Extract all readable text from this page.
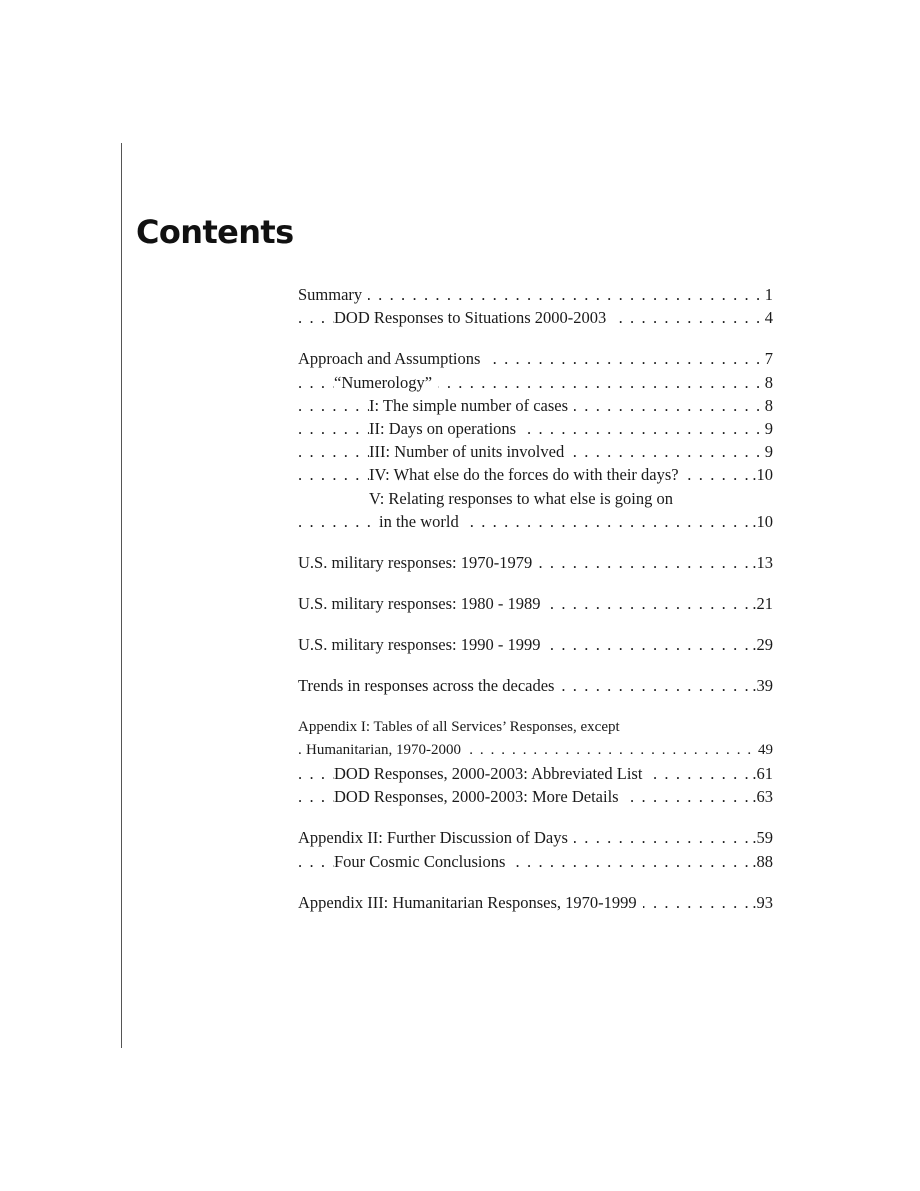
Contents
. . .
Summary	1
. . .
DOD Responses to Situations 2000-2003	4
. . .
Approach and Assumptions	7
. . .
“Numerology”	8
. . .
I: The simple number of cases	8
. . .
II: Days on operations	9
. . .
III: Number of units involved	9
. . .
IV: What else do the forces do with their days?	.10
V: Relating responses to what else is going on
. . .
in the world	.10
. . .
U.S. military responses: 1970-1979	.13
. . .
U.S. military responses: 1980 - 1989	.21
. . .
U.S. military responses: 1990 - 1999	.29
. . .
Trends in responses across the decades	.39
Appendix I: Tables of all Services’ Responses, except
. . .
Humanitarian, 1970-2000	49
. . .
DOD Responses, 2000-2003: Abbreviated List	.61
. . .
DOD Responses, 2000-2003: More Details	.63
. . .
Appendix II: Further Discussion of Days	.59
. . .
Four Cosmic Conclusions	.88
. . .
Appendix III: Humanitarian Responses, 1970-1999	.93
